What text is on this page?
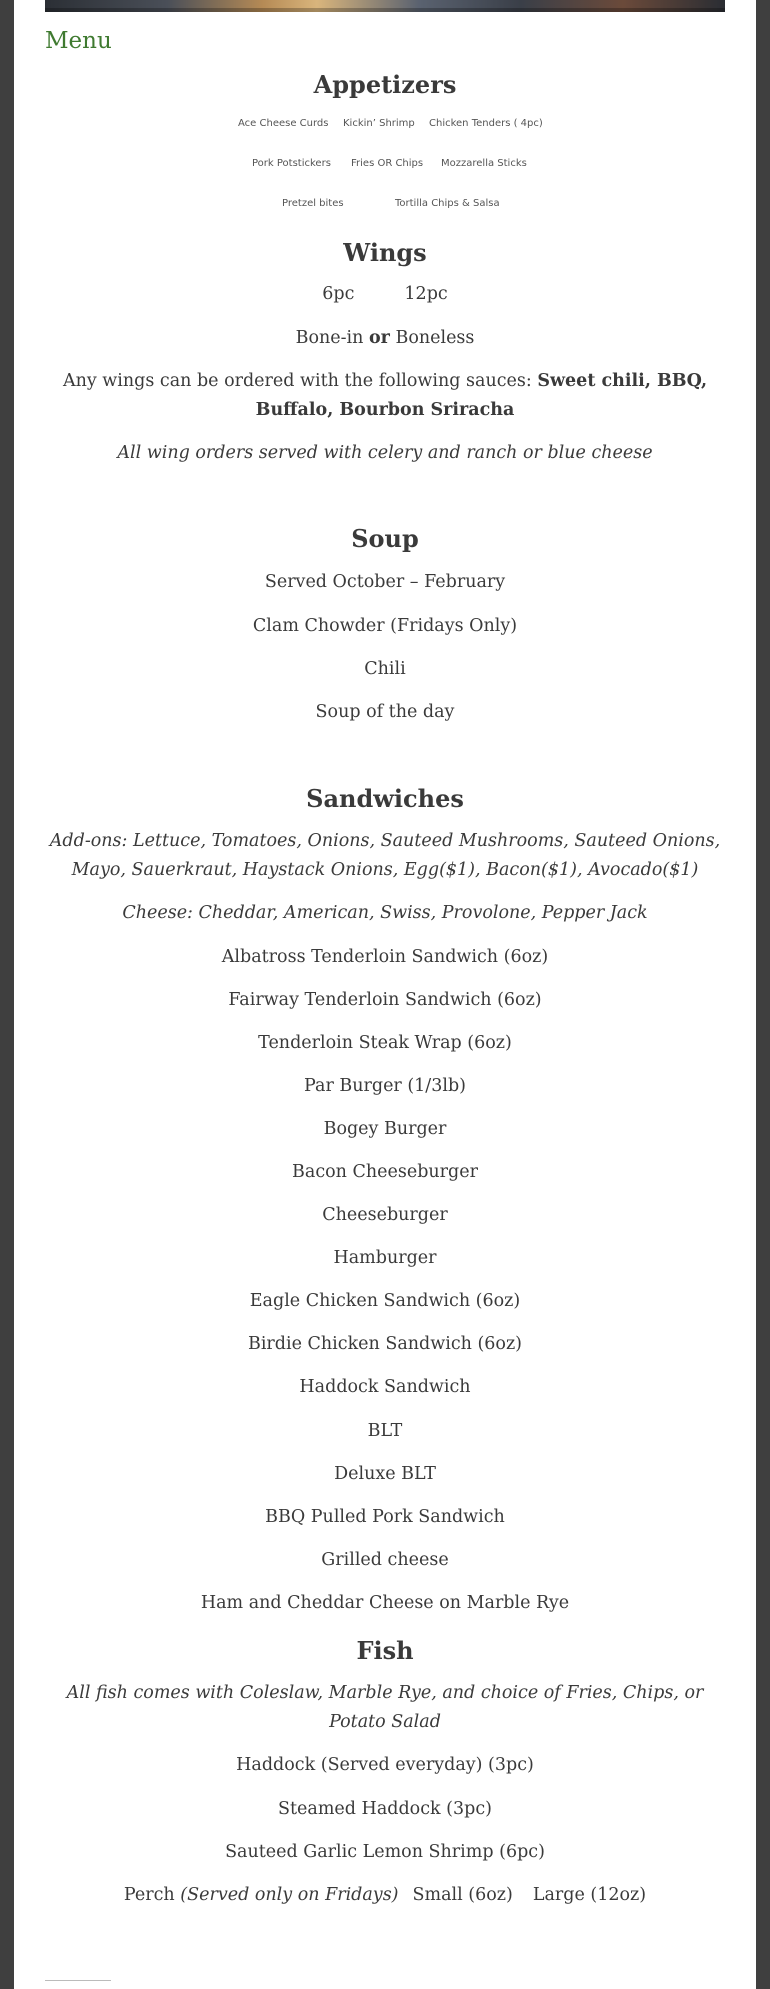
Menu
Appetizers
Ace Cheese Curds Kickin’ Shrimp Chicken Tenders ( 4pc)
Pork Potstickers Fries OR Chips Mozzarella Sticks
Pretzel bites	Tortilla Chips & Salsa
Wings

6pc	12pc

Bone-in or Boneless

Any wings can be ordered with the following sauces: Sweet chili, BBQ,
Buffalo, Bourbon Sriracha

All wing orders served with celery and ranch or blue cheese

Soup

Served October – February

Clam Chowder (Fridays Only)

Chili

Soup of the day

Sandwiches

Add-ons: Lettuce, Tomatoes, Onions, Sauteed Mushrooms, Sauteed Onions,
Mayo, Sauerkraut, Haystack Onions, Egg($1), Bacon($1), Avocado($1)

Cheese: Cheddar, American, Swiss, Provolone, Pepper Jack

Albatross Tenderloin Sandwich (6oz)

Fairway Tenderloin Sandwich (6oz)

Tenderloin Steak Wrap (6oz)

Par Burger (1/3lb)

Bogey Burger

Bacon Cheeseburger

Cheeseburger

Hamburger

Eagle Chicken Sandwich (6oz)

Birdie Chicken Sandwich (6oz)

Haddock Sandwich

BLT

Deluxe BLT

BBQ Pulled Pork Sandwich

Grilled cheese

Ham and Cheddar Cheese on Marble Rye

Fish

All fish comes with Coleslaw, Marble Rye, and choice of Fries, Chips, or
Potato Salad

Haddock (Served everyday) (3pc)

Steamed Haddock (3pc)

Sauteed Garlic Lemon Shrimp (6pc)

Perch (Served only on Fridays) Small (6oz) Large (12oz)
